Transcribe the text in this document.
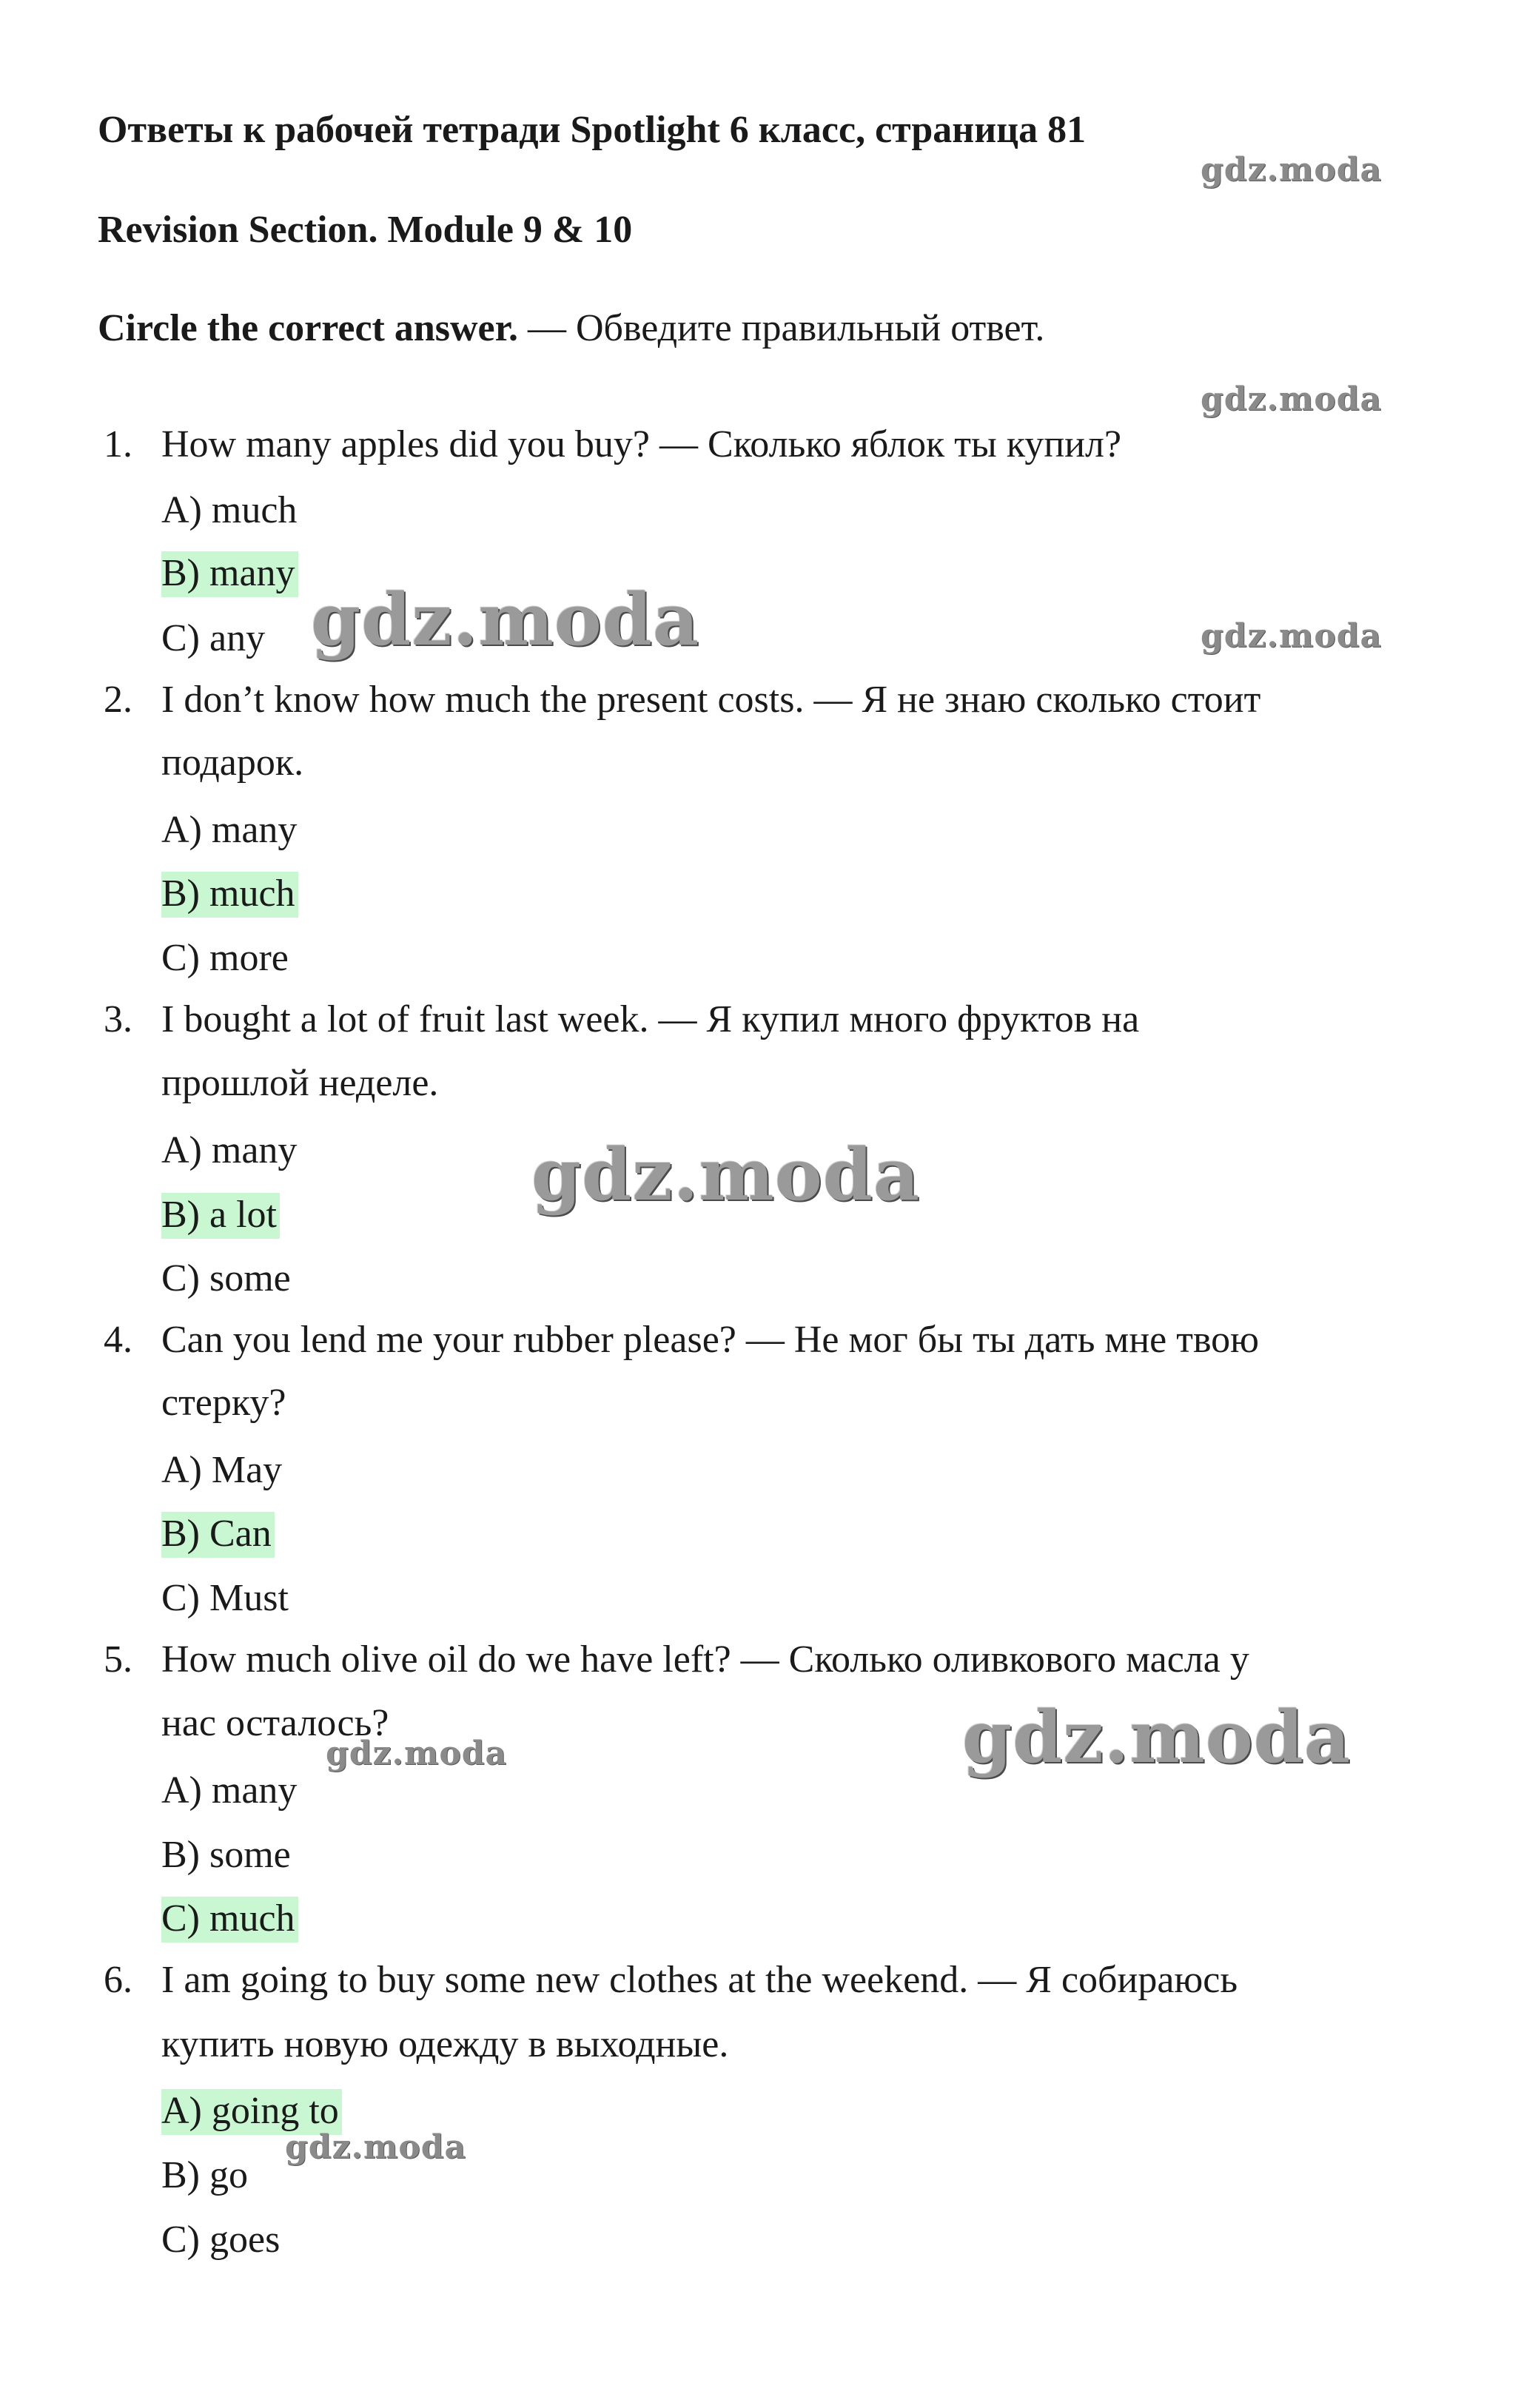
Ответы к рабочей тетради Spotlight 6 класс, страница 81
Revision Section. Module 9 & 10
Circle the correct answer. — Обведите правильный ответ.
1. How many apples did you buy? — Сколько яблок ты купил?
A) much
B) many
C) any
2. I don’t know how much the present costs. — Я не знаю сколько стоит
подарок.
A) many
B) much
C) more
3. I bought a lot of fruit last week. — Я купил много фруктов на
прошлой неделе.
A) many
B) a lot
C) some
4. Can you lend me your rubber please? — Не мог бы ты дать мне твою
стерку?
A) May
B) Can
C) Must
5. How much olive oil do we have left? — Сколько оливкового масла у
нас осталось?
A) many
B) some
C) much
6. I am going to buy some new clothes at the weekend. — Я собираюсь
купить новую одежду в выходные.
A) going to
B) go
C) goes
gdz.moda
gdz.moda
gdz.moda
gdz.moda
gdz.moda
gdz.moda
gdz.moda
gdz.moda
